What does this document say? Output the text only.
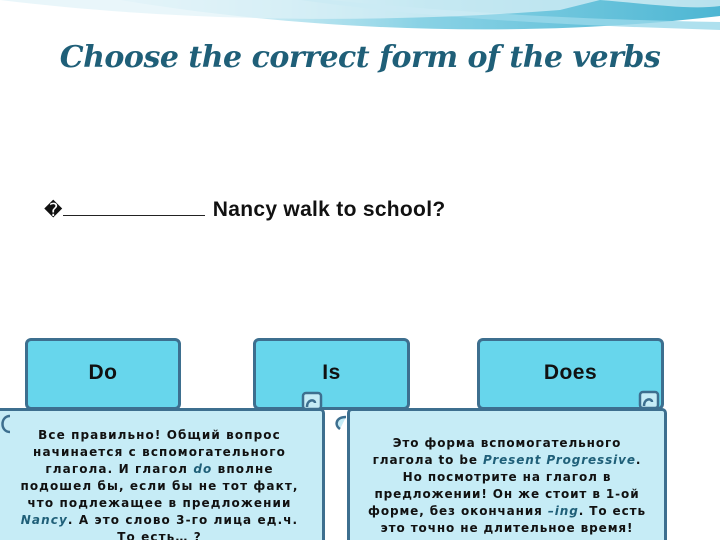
Choose the correct form of the verbs
�	Nancy walk to school?
Do	Is	Does
Все правильно! Общий вопрос
начинается с вспомогательного
глагола. И глагол do вполне
подошел бы, если бы не тот факт,
что подлежащее в предложении
Nancy. А это слово 3-го лица ед.ч.
То есть… ?
Это форма вспомогательного
глагола to be Present Progressive.
Но посмотрите на глагол в
предложении! Он же стоит в 1-ой
форме, без окончания –ing. То есть
это точно не длительное время!
